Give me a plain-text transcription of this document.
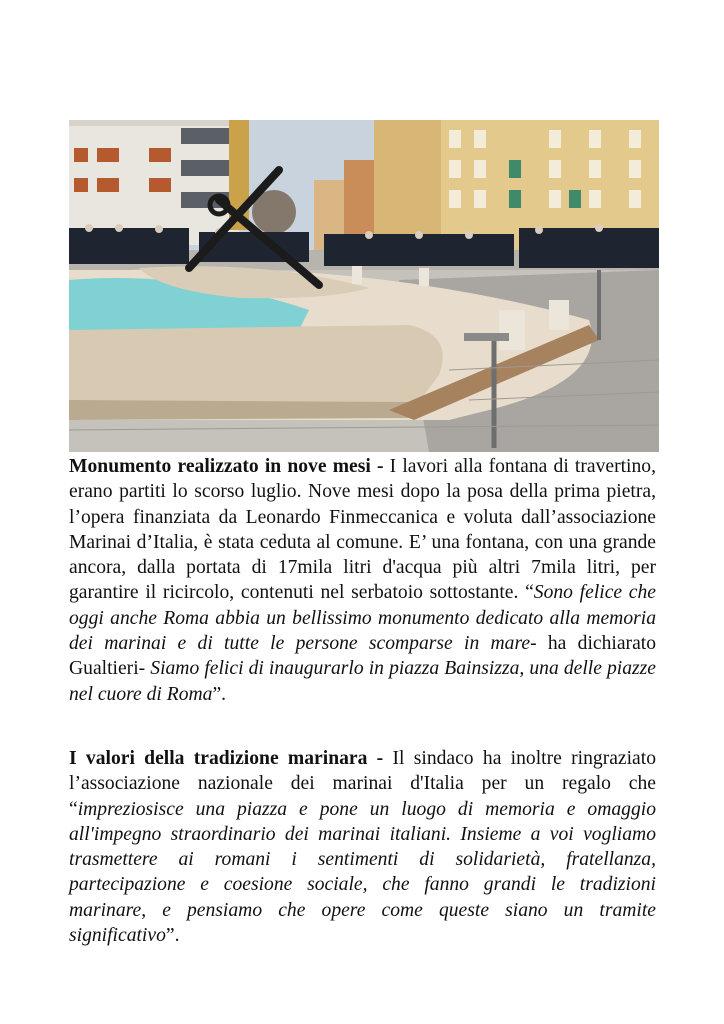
Monumento realizzato in nove mesi - I lavori alla fontana di travertino, erano partiti lo scorso luglio. Nove mesi dopo la posa della prima pietra, l’opera finanziata da Leonardo Finmeccanica e voluta dall’associazione Marinai d’Italia, è stata ceduta al comune. E’ una fontana, con una grande ancora, dalla portata di 17mila litri d'acqua più altri 7mila litri, per garantire il ricircolo, contenuti nel serbatoio sottostante. “Sono felice che oggi anche Roma abbia un bellissimo monumento dedicato alla memoria dei marinai e di tutte le persone scomparse in mare- ha dichiarato Gualtieri- Siamo felici di inaugurarlo in piazza Bainsizza, una delle piazze nel cuore di Roma”.

I valori della tradizione marinara - Il sindaco ha inoltre ringraziato l’associazione nazionale dei marinai d'Italia per un regalo che “impreziosisce una piazza e pone un luogo di memoria e omaggio all'impegno straordinario dei marinai italiani. Insieme a voi vogliamo trasmettere ai romani i sentimenti di solidarietà, fratellanza, partecipazione e coesione sociale, che fanno grandi le tradizioni marinare, e pensiamo che opere come queste siano un tramite significativo”.
